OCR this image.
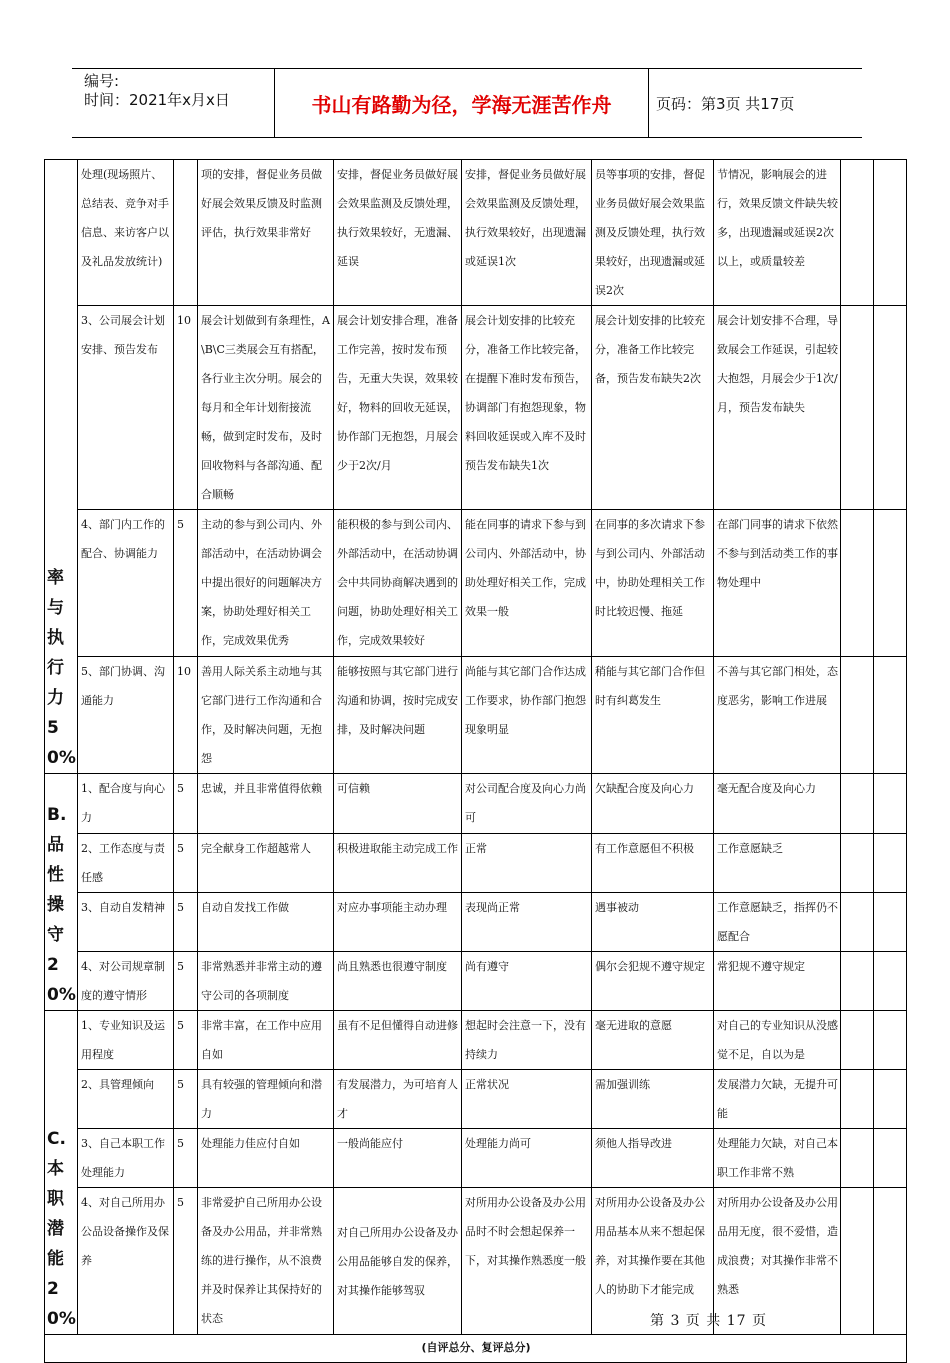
编号:
时间：2021年x月x日	书山有路勤为径，学海无涯苦作舟	页码：第3页 共17页
率与执行力50%	处理(现场照片、总结表、竞争对手信息、来访客户以及礼品发放统计)		项的安排，督促业务员做好展会效果反馈及时监测评估，执行效果非常好	安排，督促业务员做好展会效果监测及反馈处理，执行效果较好，无遗漏、延误	安排，督促业务员做好展会效果监测及反馈处理，执行效果较好，出现遗漏或延误1次	员等事项的安排，督促业务员做好展会效果监测及反馈处理，执行效果较好，出现遗漏或延误2次	节情况，影响展会的进行，效果反馈文件缺失较多，出现遗漏或延误2次以上，或质量较差		
	3、公司展会计划安排、预告发布	10	展会计划做到有条理性，A\B\C三类展会互有搭配，各行业主次分明。展会的每月和全年计划衔接流畅，做到定时发布，及时回收物料与各部沟通、配合顺畅	展会计划安排合理，准备工作完善，按时发布预告，无重大失误，效果较好，物料的回收无延误，协作部门无抱怨，月展会少于2次/月	展会计划安排的比较充分，准备工作比较完备，在提醒下准时发布预告，协调部门有抱怨现象，物料回收延误或入库不及时预告发布缺失1次	展会计划安排的比较充分，准备工作比较完备，预告发布缺失2次	展会计划安排不合理，导致展会工作延误，引起较大抱怨，月展会少于1次/月，预告发布缺失		
	4、部门内工作的配合、协调能力	5	主动的参与到公司内、外部活动中，在活动协调会中提出很好的问题解决方案，协助处理好相关工作，完成效果优秀	能积极的参与到公司内、外部活动中，在活动协调会中共同协商解决遇到的问题，协助处理好相关工作，完成效果较好	能在同事的请求下参与到公司内、外部活动中，协助处理好相关工作，完成效果一般	在同事的多次请求下参与到公司内、外部活动中，协助处理相关工作时比较迟慢、拖延	在部门同事的请求下依然不参与到活动类工作的事物处理中		
	5、部门协调、沟通能力	10	善用人际关系主动地与其它部门进行工作沟通和合作，及时解决问题，无抱怨	能够按照与其它部门进行沟通和协调，按时完成安排，及时解决问题	尚能与其它部门合作达成工作要求，协作部门抱怨现象明显	稍能与其它部门合作但时有纠葛发生	不善与其它部门相处，态度恶劣，影响工作进展		

B.品性操守20%	1、配合度与向心力	5	忠诚，并且非常值得依赖	可信赖	对公司配合度及向心力尚可	欠缺配合度及向心力	毫无配合度及向心力		
	2、工作态度与责任感	5	完全献身工作超越常人	积极进取能主动完成工作	正常	有工作意愿但不积极	工作意愿缺乏		
	3、自动自发精神	5	自动自发找工作做	对应办事项能主动办理	表现尚正常	遇事被动	工作意愿缺乏，指挥仍不愿配合		
	4、对公司规章制度的遵守情形	5	非常熟悉并非常主动的遵守公司的各项制度	尚且熟悉也很遵守制度	尚有遵守	偶尔会犯规不遵守规定	常犯规不遵守规定		

C.本职潜能20%	1、专业知识及运用程度	5	非常丰富，在工作中应用自如	虽有不足但懂得自动进修	想起时会注意一下，没有持续力	毫无进取的意愿	对自己的专业知识从没感觉不足，自以为是		
	2、具管理倾向	5	具有较强的管理倾向和潜力	有发展潜力，为可培育人才	正常状况	需加强训练	发展潜力欠缺，无提升可能		
	3、自己本职工作处理能力	5	处理能力佳应付自如	一般尚能应付	处理能力尚可	须他人指导改进	处理能力欠缺，对自己本职工作非常不熟		
	4、对自己所用办公品设备操作及保养	5	非常爱护自己所用办公设备及办公用品，并非常熟练的进行操作，从不浪费并及时保养让其保持好的状态	对自己所用办公设备及办公用品能够自发的保养，对其操作能够驾驭	对所用办公设备及办公用品时不时会想起保养一下，对其操作熟悉度一般	对所用办公设备及办公用品基本从来不想起保养，对其操作要在其他人的协助下才能完成	对所用办公设备及办公用品用无度，很不爱惜，造成浪费；对其操作非常不熟悉		
(自评总分、复评总分)									
第 3 页 共 17 页
